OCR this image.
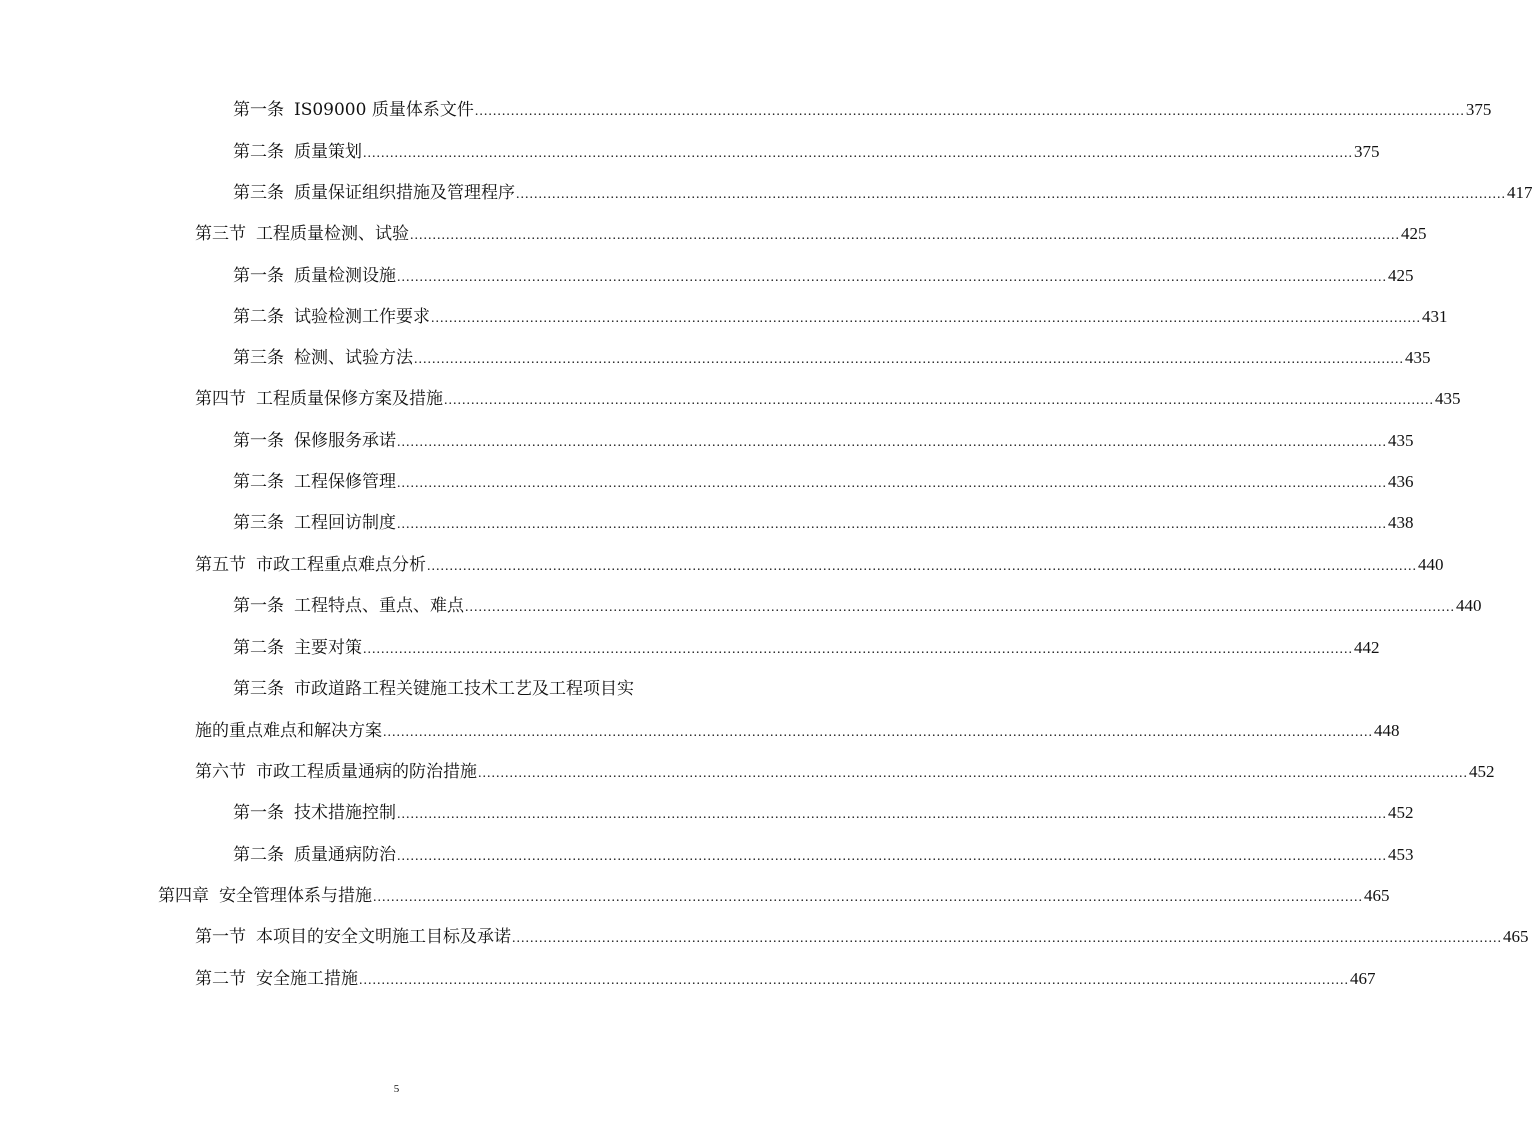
第一条 IS09000 质量体系文件 ............................................................................................................................................................................................................................ 375
第二条 质量策划 ............................................................................................................................................................................................................................ 375
第三条 质量保证组织措施及管理程序 ............................................................................................................................................................................................................................ 417
第三节 工程质量检测、试验 ............................................................................................................................................................................................................................ 425
第一条 质量检测设施 ............................................................................................................................................................................................................................ 425
第二条 试验检测工作要求 ............................................................................................................................................................................................................................ 431
第三条 检测、试验方法 ............................................................................................................................................................................................................................ 435
第四节 工程质量保修方案及措施 ............................................................................................................................................................................................................................ 435
第一条 保修服务承诺 ............................................................................................................................................................................................................................ 435
第二条 工程保修管理 ............................................................................................................................................................................................................................ 436
第三条 工程回访制度 ............................................................................................................................................................................................................................ 438
第五节 市政工程重点难点分析 ............................................................................................................................................................................................................................ 440
第一条 工程特点、重点、难点 ............................................................................................................................................................................................................................ 440
第二条 主要对策 ............................................................................................................................................................................................................................ 442
第三条 市政道路工程关键施工技术工艺及工程项目实
施的重点难点和解决方案 ............................................................................................................................................................................................................................ 448
第六节 市政工程质量通病的防治措施 ............................................................................................................................................................................................................................ 452
第一条 技术措施控制 ............................................................................................................................................................................................................................ 452
第二条 质量通病防治 ............................................................................................................................................................................................................................ 453
第四章 安全管理体系与措施 ............................................................................................................................................................................................................................ 465
第一节 本项目的安全文明施工目标及承诺 ............................................................................................................................................................................................................................ 465
第二节 安全施工措施 ............................................................................................................................................................................................................................ 467
5
